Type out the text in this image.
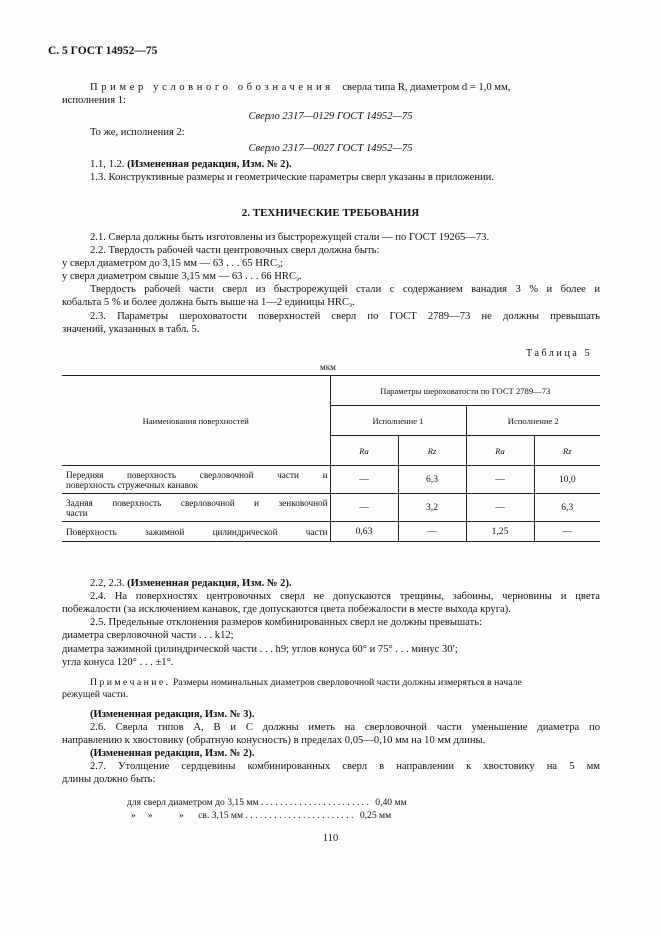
С. 5 ГОСТ 14952—75
Пример условного обозначения сверла типа R, диаметром d = 1,0 мм,
исполнения 1:
Сверло 2317—0129 ГОСТ 14952—75
То же, исполнения 2:
Сверло 2317—0027 ГОСТ 14952—75
1.1, 1.2. (Измененная редакция, Изм. № 2).
1.3. Конструктивные размеры и геометрические параметры сверл указаны в приложении.
2. ТЕХНИЧЕСКИЕ ТРЕБОВАНИЯ
2.1. Сверла должны быть изготовлены из быстрорежущей стали — по ГОСТ 19265—73.
2.2. Твердость рабочей части центровочных сверл должна быть:
у сверл диаметром до 3,15 мм — 63 . . . 65 $HRC_э$;
у сверл диаметром свыше 3,15 мм — 63 . . . 66 $HRC_э$.
Твердость рабочей части сверл из быстрорежущей стали с содержанием ванадия 3 % и более и
кобальта 5 % и более должна быть выше на 1—2 единицы $HRC_э$.
2.3. Параметры шероховатости поверхностей сверл по ГОСТ 2789—73 не должны превышать
значений, указанных в табл. 5.
Таблица 5
мкм
Наименования поверхностей	Параметры шероховатости по ГОСТ 2789—73			
	Исполнение 1		Исполнение 2	
	Ra	Rz	Ra	Rz

Передняя поверхность сверловочной части и
поверхность стружечных канавок	—	6,3	—	10,0

Задняя поверхность сверловочной и зенковочной
части	—	3,2	—	6,3
Поверхность зажимной цилиндрической части	0,63	—	1,25	—
2.2, 2.3. (Измененная редакция, Изм. № 2).
2.4. На поверхностях центровочных сверл не допускаются трещины, забоины, черновины и цвета
побежалости (за исключением канавок, где допускаются цвета побежалости в месте выхода круга).
2.5. Предельные отклонения размеров комбинированных сверл не должны превышать:
диаметра сверловочной части . . . k12;
диаметра зажимной цилиндрической части . . . h9; углов конуса 60° и 75° . . . минус 30′;
угла конуса 120° . . . ±1°.
Примечание. Размеры номинальных диаметров сверловочной части должны измеряться в начале
режущей части.
(Измененная редакция, Изм. № 3).
2.6. Сверла типов A, B и C должны иметь на сверловочной части уменьшение диаметра по
направлению к хвостовику (обратную конусность) в пределах 0,05—0,10 мм на 10 мм длины.
(Измененная редакция, Изм. № 2).
2.7. Утолщение сердцевины комбинированных сверл в направлении к хвостовику на 5 мм
длины должно быть:
для сверл диаметром до 3,15 мм . . . . . . . . . . . . . . . . . . . . . . . 0,40 мм
»     »           »      св. 3,15 мм . . . . . . . . . . . . . . . . . . . . . . . 0,25 мм
110
